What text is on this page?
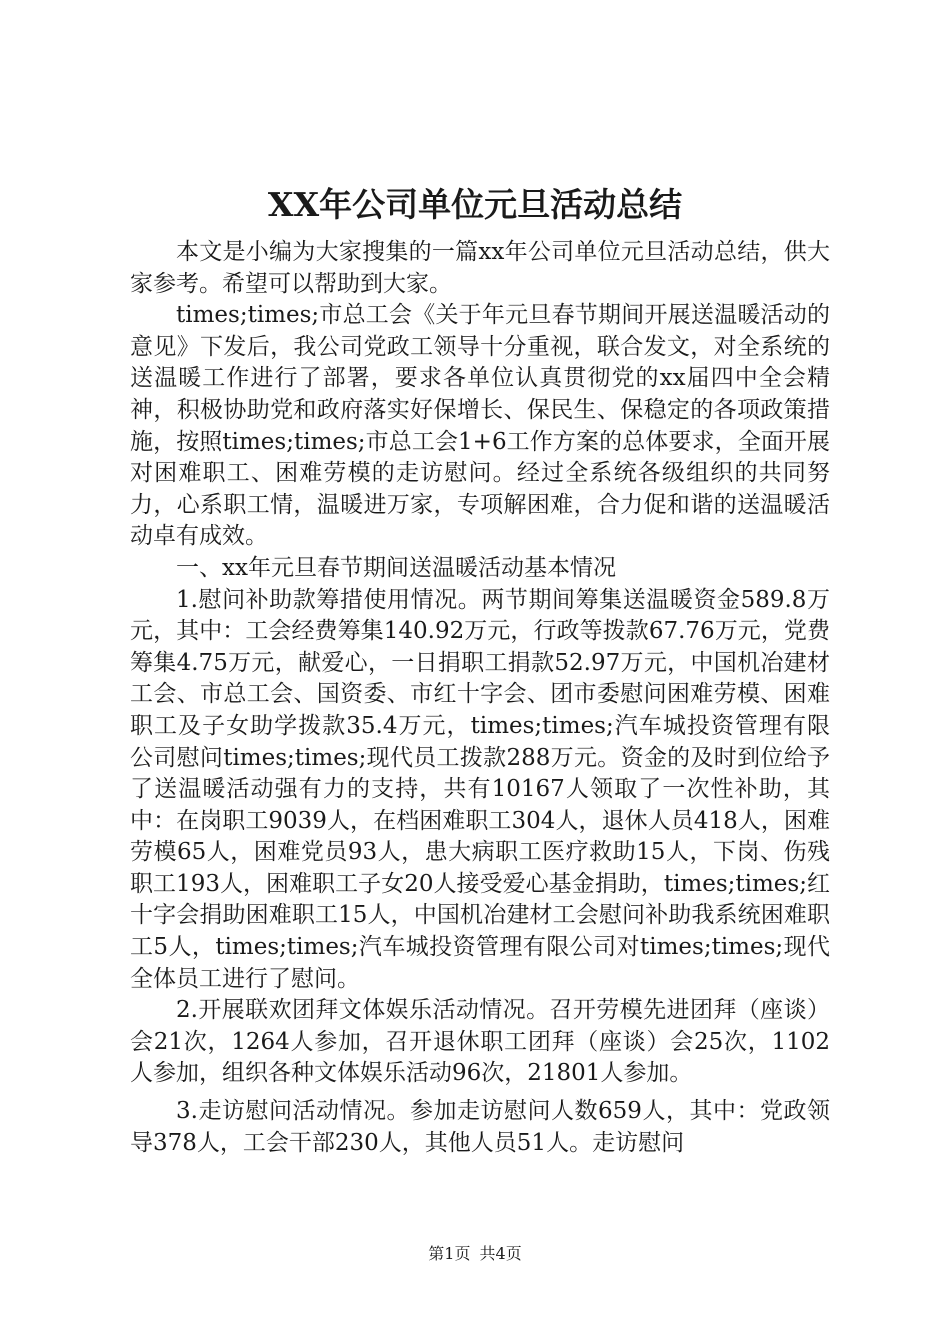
XX年公司单位元旦活动总结

本文是小编为大家搜集的一篇xx年公司单位元旦活动总结，供大家参考。希望可以帮助到大家。

times;times;市总工会《关于年元旦春节期间开展送温暖活动的意见》下发后，我公司党政工领导十分重视，联合发文，对全系统的送温暖工作进行了部署，要求各单位认真贯彻党的xx届四中全会精神，积极协助党和政府落实好保增长、保民生、保稳定的各项政策措施，按照times;times;市总工会1+6工作方案的总体要求，全面开展对困难职工、困难劳模的走访慰问。经过全系统各级组织的共同努力，心系职工情，温暖进万家，专项解困难，合力促和谐的送温暖活动卓有成效。

一、xx年元旦春节期间送温暖活动基本情况

1.慰问补助款筹措使用情况。两节期间筹集送温暖资金589.8万元，其中：工会经费筹集140.92万元，行政等拨款67.76万元，党费筹集4.75万元，献爱心，一日捐职工捐款52.97万元，中国机冶建材工会、市总工会、国资委、市红十字会、团市委慰问困难劳模、困难职工及子女助学拨款35.4万元，times;times;汽车城投资管理有限公司慰问times;times;现代员工拨款288万元。资金的及时到位给予了送温暖活动强有力的支持，共有10167人领取了一次性补助，其中：在岗职工9039人，在档困难职工304人，退休人员418人，困难劳模65人，困难党员93人，患大病职工医疗救助15人，下岗、伤残职工193人，困难职工子女20人接受爱心基金捐助，times;times;红十字会捐助困难职工15人，中国机冶建材工会慰问补助我系统困难职工5人，times;times;汽车城投资管理有限公司对times;times;现代全体员工进行了慰问。

2.开展联欢团拜文体娱乐活动情况。召开劳模先进团拜（座谈）会21次，1264人参加，召开退休职工团拜（座谈）会25次，1102人参加，组织各种文体娱乐活动96次，21801人参加。

3.走访慰问活动情况。参加走访慰问人数659人，其中：党政领导378人，工会干部230人，其他人员51人。走访慰问

第1页 共4页
